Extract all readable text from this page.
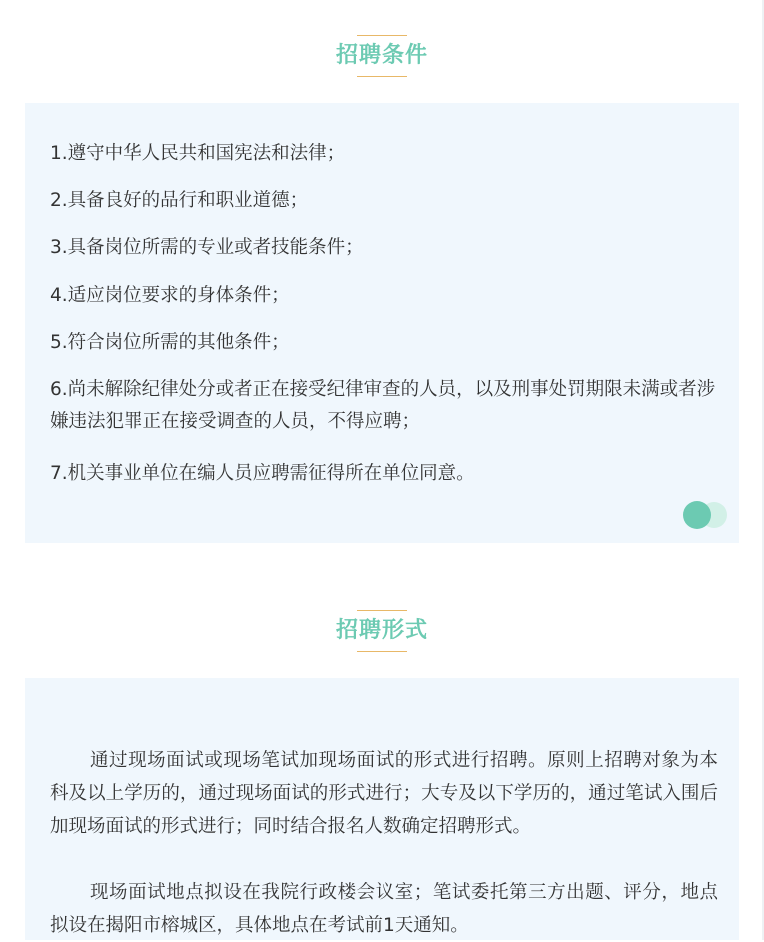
招聘条件
1.遵守中华人民共和国宪法和法律；
2.具备良好的品行和职业道德；
3.具备岗位所需的专业或者技能条件；
4.适应岗位要求的身体条件；
5.符合岗位所需的其他条件；
6.尚未解除纪律处分或者正在接受纪律审查的人员，以及刑事处罚期限未满或者涉嫌违法犯罪正在接受调查的人员，不得应聘；
7.机关事业单位在编人员应聘需征得所在单位同意。
招聘形式
通过现场面试或现场笔试加现场面试的形式进行招聘。原则上招聘对象为本科及以上学历的，通过现场面试的形式进行；大专及以下学历的，通过笔试入围后加现场面试的形式进行；同时结合报名人数确定招聘形式。
现场面试地点拟设在我院行政楼会议室；笔试委托第三方出题、评分，地点拟设在揭阳市榕城区，具体地点在考试前1天通知。
